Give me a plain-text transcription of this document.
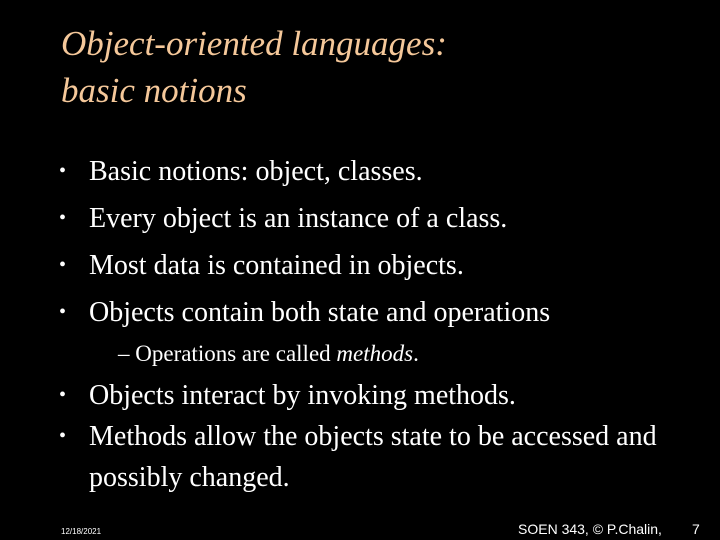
Object-oriented languages:
basic notions
• Basic notions: object, classes.
• Every object is an instance of a class.
• Most data is contained in objects.
• Objects contain both state and operations
– Operations are called methods.
• Objects interact by invoking methods.
• Methods allow the objects state to be accessed and possibly changed.
12/18/2021	SOEN 343, © P.Chalin, 7
